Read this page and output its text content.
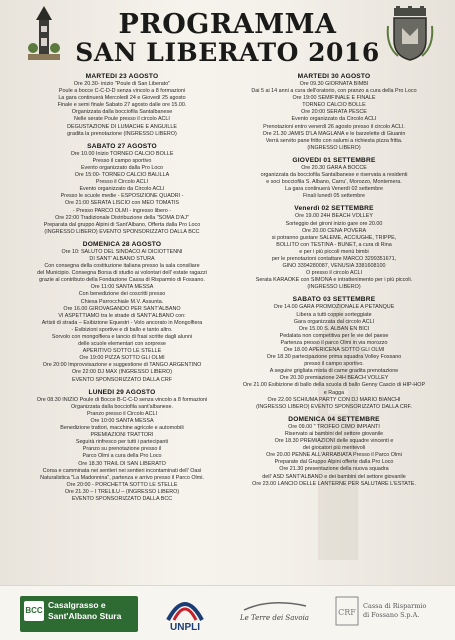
PROGRAMMA
SAN LIBERATO 2016
MARTEDI 23 AGOSTO
Ore 20.30- inizio "Poule di San Liberato"
Poule a bocce C-C-D-D senza vincolo a 8 formazioni
La gara continuerà Mercoledì 24 e Giovedì 25 agosto
Finale e semi finale Sabato 27 agosto dalle ore 15.00.
Organizzata dalla bocciofila Santalbanese
Nelle serate Poule presso il circolo ACLI
DEGUSTAZIONE DI LUMACHE E ANGUILLE
gradita la prenotazione (INGRESSO LIBERO)
SABATO 27 AGOSTO
Ore 10.00 Inizio TORNEO CALCIO BOLLE
Presso il campo sportivo
Evento organizzato dalla Pro Loco
Ore 15:00- TORNEO CALCIO BALILLA
Presso il Circolo ACLI
Evento organizzato da Circolo ACLI
Presso le scuole medie - ESPOSIZIONE QUADRI -
Ore 21:00 SERATA LISCIO con MEO TOMATIS
- Presso PARCO OLMI - ingresso libero -
Ore 22:00 Tradizionale Distribuzione della "SOMA D'AJ"
Preparata dal gruppo Alpini di Sant'Albano, Offerta dalla Pro Loco
(INGRESSO LIBERO) EVENTO SPONSORIZZATO DALLA BCC
DOMENICA 28 AGOSTO
Ore 10: SALUTO DEL SINDACO AI DICIOTTENNI
DI SANT' ALBANO STURA
Con consegna della costituzione italiana presso la sala consiliare
del Municipio. Consegna Borsa di studio ai volontari dell' estate ragazzi
grazie al contributo della Fondazione Cassa di Risparmio di Fossano.
Ore 11:00 SANTA MESSA
Con benedizione dei coscritti presso
Chiesa Parrocchiale M.V. Assunta.
Ore 16.00 GIROVAGANDO PER SANT'ALBANO
VI ASPETTIAMO tra le strade di SANT'ALBANO con:
Artisti di strada – Esibizione Equestri - Volo ancorato in Mongolfiera
- Esibizioni sportive e di ballo e tanto altro.
Sorvolo con mongolfiera e lancio di frasi scritte dagli alunni
delle scuole elementari con sorprese
APERITIVO SOTTO LE STELLE
Ore 19:00 PIZZA SOTTO GLI OLMI
Ore 20:00 Improvvisazione e suggestione di TANGO ARGENTINO
Ore 22:00 DJ MAX (INGRESSO LIBERO)
EVENTO SPONSORIZZATO DALLA CRF
LUNEDI 29 AGOSTO
Ore 08.30 INIZIO Poule di Bocce B-C-C-D senza vincolo a 8 formazioni
Organizzata dalla bocciofila sant'albanese.
Pranzo presso il Circolo ACLI
Ore 10:00 SANTA MESSA
Benedizione trattori, macchine agricole e automobili
PREMIAZIONI TRATTORI
Seguirà rinfresco per tutti i partecipanti
Pranzo su prenotazione presso il
Parco Olmi a cura della Pro Loco
Ore 18.30 TRAIL DI SAN LIBERATO
Corsa e camminata nei sentieri nei sentieri incontaminati dell' Oasi
Naturalistica "La Madonnina", partenza e arrivo presso il Parco Olmi.
Ore 20:00 - PORCHETTA SOTTO LE STELLE
Ore 21.30 – I TRELILU – (INGRESSO LIBERO)
EVENTO SPONSORIZZATO DALLA BCC
MARTEDI 30 AGOSTO
Ore 09.30 GIORNATA BIMBI
Dai 5 ai 14 anni a cura dell'oratorio, con pranzo a cura della Pro Loco
Ore 19:00 SEMIFINALE E FINALE
TORNEO CALCIO BOLLE
Ore 20:00 SERATA PESCE
Evento organizzato da Circolo ACLI
Prenotazioni entro venerdì 26 agosto presso il circolo ACLI.
Ore 21.30 JAMIS D'LA MAGLANA e le barzelette di Giuanin
Verrà servito pane fritto con salumi a richiesta pizza fritta.
(INGRESSO LIBERO)
GIOVEDI 01 SETTEMBRE
Ore 20.30 GARA A BOCCE
organizzata da bocciofila Santalbanese e riservata a residenti
e soci bocciofila S. Albano, Carru', Morozzo, Montemera.
La gara continuerà Venerdì 02 settembre
Finali lunedì 05 settembre
Venerdì 02 SETTEMBRE
Ore 19.00 24H BEACH VOLLEY
Sorteggio dei gironi inizio gare ore 20.00
Ore 20.00 CENA POVERA
si potranno gustare SALEME, ACCIUGHE, TRIPPE,
BOLLITO con TESTINA - BUNET, a cura di Rina
e per i più piccoli menù bimbi
per le prenotazioni contattare MARCO 3299351671,
GINO 3394280087, VENUSIA 3381608100
O presso il circolo ACLI
Serata KARAOKE con SIMONA e intrattenimento per i più piccoli.
(INGRESSO LIBERO)
SABATO 03 SETTEMBRE
Ore 14.00 GARA PROMOZIONALE A PETANQUE
Libera a tutti coppie sorteggiate
Gara organizzata dal circolo ACLI
Ore 15.00 S. ALBAN EN BICI
Pedalata non competitiva per le vie del paese
Partenza presso il parco Olmi in via morozzo
Ore 18.00 APERICENA SOTTO GLI OLMI
Ore 18.30 partecipazione prima squadra Volley Fossano
presso il campo sportivo.
A seguire grigliata mista di carne gradita prenotazione
Ore 20.30 premiazione 24H BEACH VOLLEY
Ore 21.00 Esibizione di ballo della scuola di ballo Genny Cascio di HIP-HOP
e Ragga
Ore 22.00 SCHIUMA PARTY CON DJ MARIO BIANCHI
(INGRESSO LIBERO) EVENTO SPONSORIZZATO DALLA CRF.
DOMENICA 04 SETTEMBRE
Ore 09.00 " TROFEO CIMO IMPIANTI
Riservato ai bambini del settore giovanile
Ore 18.30 PREMIAZIONI delle squadre vincenti e
dei giocatori più meritevoli
Ore 20.00 PENNE ALL'ARRABIATA Presso il Parco Olmi
Preparate dal Gruppo Alpini offerte dalla Pro Loco
Ore 21.30 presentazione della nuova squadra
dell' ASD SANT'ALBANO e dei bambini del settore giovanile
Ore 23.00 LANCIO DELLE LANTERNE PER SALUTARE L'ESTATE.
BCC
Casalgrasso e
Sant'Albano Stura
UNPLI
Le Terre dei Savoia
CRF
Cassa di Risparmio
di Fossano S.p.A.
